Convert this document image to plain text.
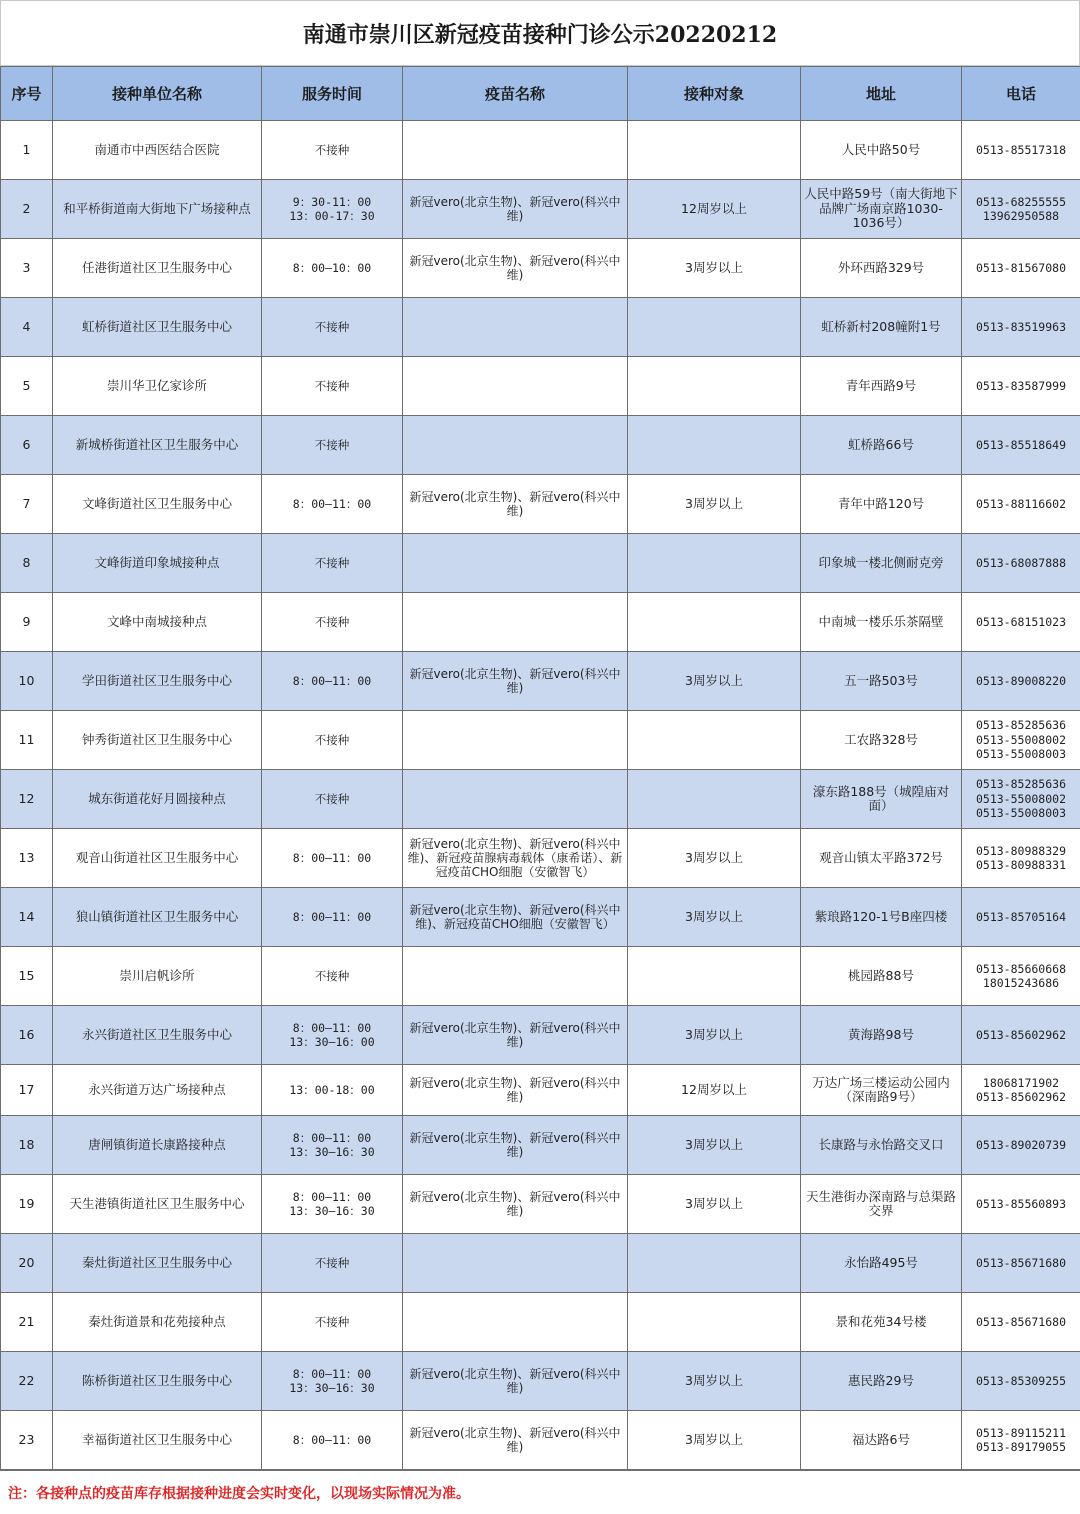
南通市崇川区新冠疫苗接种门诊公示20220212
序号	接种单位名称	服务时间	疫苗名称	接种对象	地址	电话
1	南通市中西医结合医院	不接种			人民中路50号	0513-85517318

2	和平桥街道南大街地下广场接种点	9：30-11：00
13：00-17：30	新冠vero(北京生物)、新冠vero(科兴中维)	12周岁以上	人民中路59号（南大街地下品牌广场南京路1030-1036号）	0513-68255555
13962950588

3	任港街道社区卫生服务中心	8：00—10：00	新冠vero(北京生物)、新冠vero(科兴中维)	3周岁以上	外环西路329号	0513-81567080

4	虹桥街道社区卫生服务中心	不接种			虹桥新村208幢附1号	0513-83519963

5	崇川华卫亿家诊所	不接种			青年西路9号	0513-83587999

6	新城桥街道社区卫生服务中心	不接种			虹桥路66号	0513-85518649

7	文峰街道社区卫生服务中心	8：00—11：00	新冠vero(北京生物)、新冠vero(科兴中维)	3周岁以上	青年中路120号	0513-88116602

8	文峰街道印象城接种点	不接种			印象城一楼北侧耐克旁	0513-68087888

9	文峰中南城接种点	不接种			中南城一楼乐乐茶隔壁	0513-68151023

10	学田街道社区卫生服务中心	8：00—11：00	新冠vero(北京生物)、新冠vero(科兴中维)	3周岁以上	五一路503号	0513-89008220

11	钟秀街道社区卫生服务中心	不接种			工农路328号	0513-85285636
0513-55008002
0513-55008003

12	城东街道花好月圆接种点	不接种			濠东路188号（城隍庙对面）	0513-85285636
0513-55008002
0513-55008003

13	观音山街道社区卫生服务中心	8：00—11：00	新冠vero(北京生物)、新冠vero(科兴中维)、新冠疫苗腺病毒载体（康希诺）、新冠疫苗CHO细胞（安徽智飞）	3周岁以上	观音山镇太平路372号	0513-80988329
0513-80988331

14	狼山镇街道社区卫生服务中心	8：00—11：00	新冠vero(北京生物)、新冠vero(科兴中维)、新冠疫苗CHO细胞（安徽智飞）	3周岁以上	紫琅路120-1号B座四楼	0513-85705164

15	崇川启帆诊所	不接种			桃园路88号	0513-85660668
18015243686

16	永兴街道社区卫生服务中心	8：00—11：00
13：30—16：00	新冠vero(北京生物)、新冠vero(科兴中维)	3周岁以上	黄海路98号	0513-85602962

17	永兴街道万达广场接种点	13：00-18：00	新冠vero(北京生物)、新冠vero(科兴中维)	12周岁以上	万达广场三楼运动公园内（深南路9号）	18068171902
0513-85602962

18	唐闸镇街道长康路接种点	8：00—11：00
13：30—16：30	新冠vero(北京生物)、新冠vero(科兴中维)	3周岁以上	长康路与永怡路交叉口	0513-89020739

19	天生港镇街道社区卫生服务中心	8：00—11：00
13：30—16：30	新冠vero(北京生物)、新冠vero(科兴中维)	3周岁以上	天生港街办深南路与总渠路交界	0513-85560893

20	秦灶街道社区卫生服务中心	不接种			永怡路495号	0513-85671680

21	秦灶街道景和花苑接种点	不接种			景和花苑34号楼	0513-85671680

22	陈桥街道社区卫生服务中心	8：00—11：00
13：30—16：30	新冠vero(北京生物)、新冠vero(科兴中维)	3周岁以上	惠民路29号	0513-85309255

23	幸福街道社区卫生服务中心	8：00—11：00	新冠vero(北京生物)、新冠vero(科兴中维)	3周岁以上	福达路6号	0513-89115211
0513-89179055
注：各接种点的疫苗库存根据接种进度会实时变化，以现场实际情况为准。
